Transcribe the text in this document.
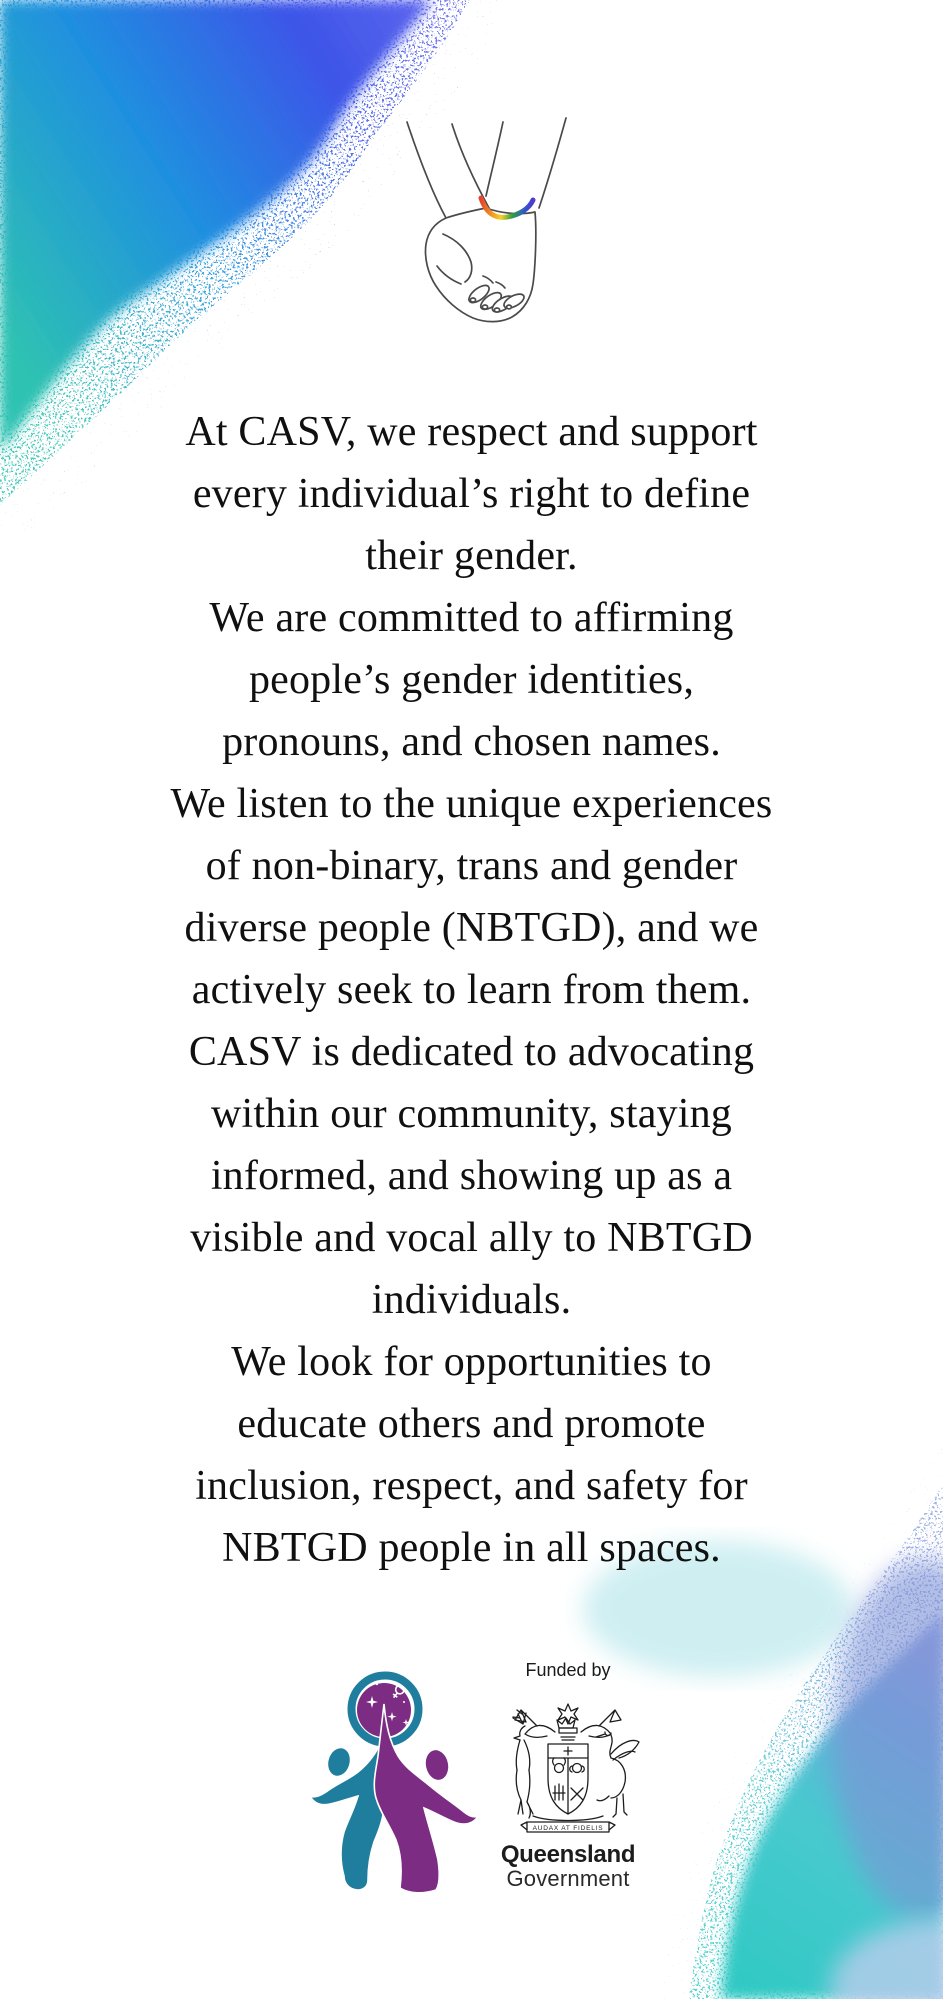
At CASV, we respect and support
every individual’s right to define
their gender.
We are committed to affirming
people’s gender identities,
pronouns, and chosen names.
We listen to the unique experiences
of non-binary, trans and gender
diverse people (NBTGD), and we
actively seek to learn from them.
CASV is dedicated to advocating
within our community, staying
informed, and showing up as a
visible and vocal ally to NBTGD
individuals.
We look for opportunities to
educate others and promote
inclusion, respect, and safety for
NBTGD people in all spaces.
Funded by
AUDAX AT FIDELIS
Queensland
Government
